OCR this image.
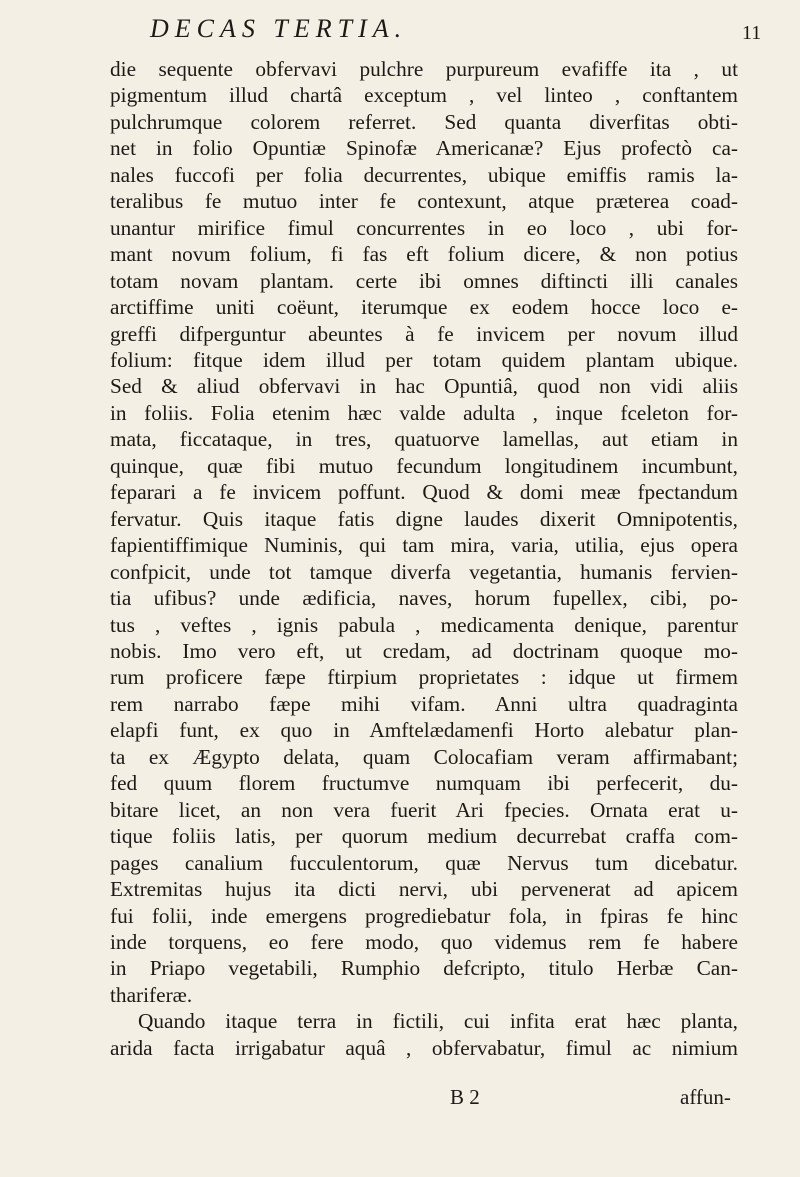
DECAS TERTIA.	11
die sequente obfervavi pulchre purpureum evafiffe ita , ut
pigmentum illud chartâ exceptum , vel linteo , conftantem
pulchrumque colorem referret. Sed quanta diverfitas obti-
net in folio Opuntiæ Spinofæ Americanæ? Ejus profectò ca-
nales fuccofi per folia decurrentes, ubique emiffis ramis la-
teralibus fe mutuo inter fe contexunt, atque præterea coad-
unantur mirifice fimul concurrentes in eo loco , ubi for-
mant novum folium, fi fas eft folium dicere, & non potius
totam novam plantam. certe ibi omnes diftincti illi canales
arctiffime uniti coëunt, iterumque ex eodem hocce loco e-
greffi difperguntur abeuntes à fe invicem per novum illud
folium: fitque idem illud per totam quidem plantam ubique.
Sed & aliud obfervavi in hac Opuntiâ, quod non vidi aliis
in foliis. Folia etenim hæc valde adulta , inque fceleton for-
mata, ficcataque, in tres, quatuorve lamellas, aut etiam in
quinque, quæ fibi mutuo fecundum longitudinem incumbunt,
feparari a fe invicem poffunt. Quod & domi meæ fpectandum
fervatur. Quis itaque fatis digne laudes dixerit Omnipotentis,
fapientiffimique Numinis, qui tam mira, varia, utilia, ejus opera
confpicit, unde tot tamque diverfa vegetantia, humanis fervien-
tia ufibus? unde ædificia, naves, horum fupellex, cibi, po-
tus , veftes , ignis pabula , medicamenta denique, parentur
nobis. Imo vero eft, ut credam, ad doctrinam quoque mo-
rum proficere fæpe ftirpium proprietates : idque ut firmem
rem narrabo fæpe mihi vifam. Anni ultra quadraginta
elapfi funt, ex quo in Amftelædamenfi Horto alebatur plan-
ta ex Ægypto delata, quam Colocafiam veram affirmabant;
fed quum florem fructumve numquam ibi perfecerit, du-
bitare licet, an non vera fuerit Ari fpecies. Ornata erat u-
tique foliis latis, per quorum medium decurrebat craffa com-
pages canalium fucculentorum, quæ Nervus tum dicebatur.
Extremitas hujus ita dicti nervi, ubi pervenerat ad apicem
fui folii, inde emergens progrediebatur fola, in fpiras fe hinc
inde torquens, eo fere modo, quo videmus rem fe habere
in Priapo vegetabili, Rumphio defcripto, titulo Herbæ Can-
thariferæ.
Quando itaque terra in fictili, cui infita erat hæc planta,
arida facta irrigabatur aquâ , obfervabatur, fimul ac nimium
B 2	affun-
